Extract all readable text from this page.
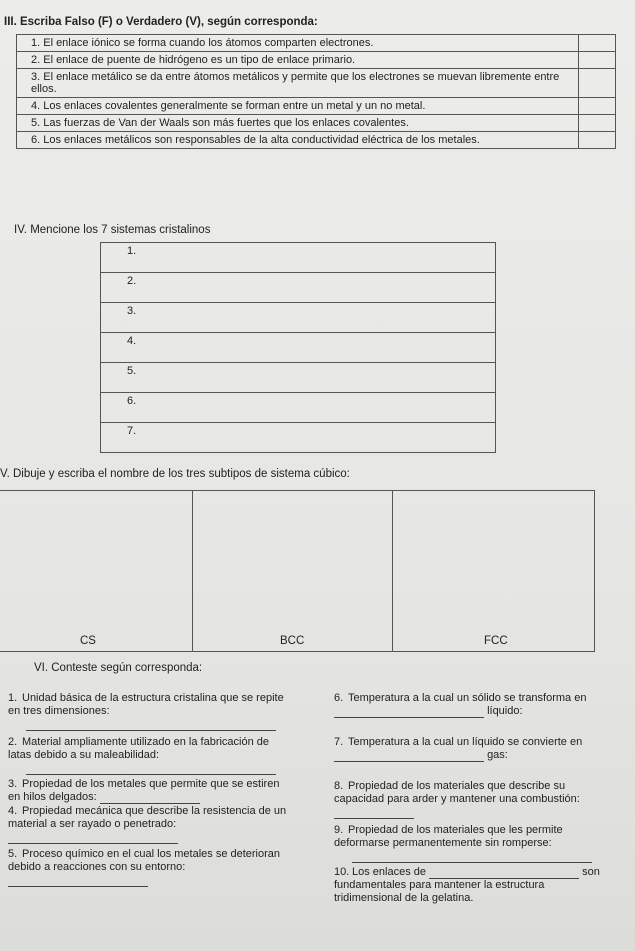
III. Escriba Falso (F) o Verdadero (V), según corresponda:
1. El enlace iónico se forma cuando los átomos comparten electrones.	
2. El enlace de puente de hidrógeno es un tipo de enlace primario.	
3. El enlace metálico se da entre átomos metálicos y permite que los electrones se muevan libremente entre ellos.	
4. Los enlaces covalentes generalmente se forman entre un metal y un no metal.	
5. Las fuerzas de Van der Waals son más fuertes que los enlaces covalentes.	
6. Los enlaces metálicos son responsables de la alta conductividad eléctrica de los metales.	
IV. Mencione los 7 sistemas cristalinos
1.
2.
3.
4.
5.
6.
7.
V. Dibuje y escriba el nombre de los tres subtipos de sistema cúbico:
CS	BCC	FCC
VI. Conteste según corresponda:
1. Unidad básica de la estructura cristalina que se repite en tres dimensiones:

2. Material ampliamente utilizado en la fabricación de latas debido a su maleabilidad:

3. Propiedad de los metales que permite que se estiren en hilos delgados:
4. Propiedad mecánica que describe la resistencia de un material a ser rayado o penetrado:
5. Proceso químico en el cual los metales se deterioran debido a reacciones con su entorno:
6. Temperatura a la cual un sólido se transforma en  líquido:
7. Temperatura a la cual un líquido se convierte en  gas:
8. Propiedad de los materiales que describe su capacidad para arder y mantener una combustión:
9. Propiedad de los materiales que les permite deformarse permanentemente sin romperse:

10. Los enlaces de	son fundamentales para mantener la estructura tridimensional de la gelatina.
